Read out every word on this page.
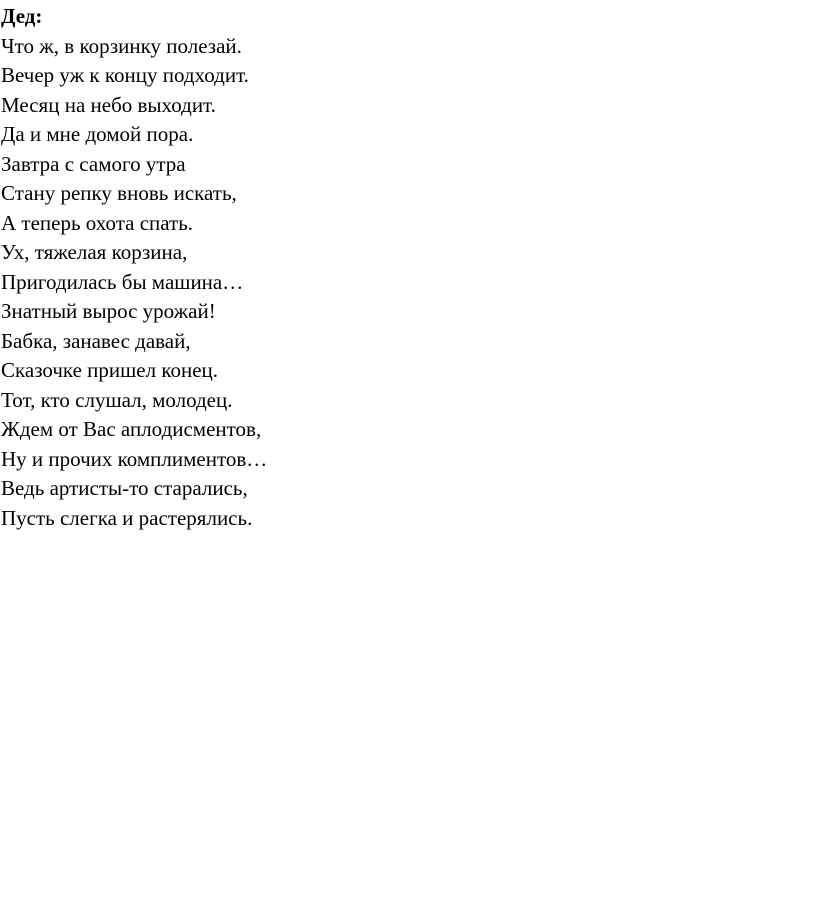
Дед:
Что ж, в корзинку полезай.
Вечер уж к концу подходит.
Месяц на небо выходит.
Да и мне домой пора.
Завтра с самого утра
Стану репку вновь искать,
А теперь охота спать.
Ух, тяжелая корзина,
Пригодилась бы машина…
Знатный вырос урожай!
Бабка, занавес давай,
Сказочке пришел конец.
Тот, кто слушал, молодец.
Ждем от Вас аплодисментов,
Ну и прочих комплиментов…
Ведь артисты-то старались,
Пусть слегка и растерялись.
